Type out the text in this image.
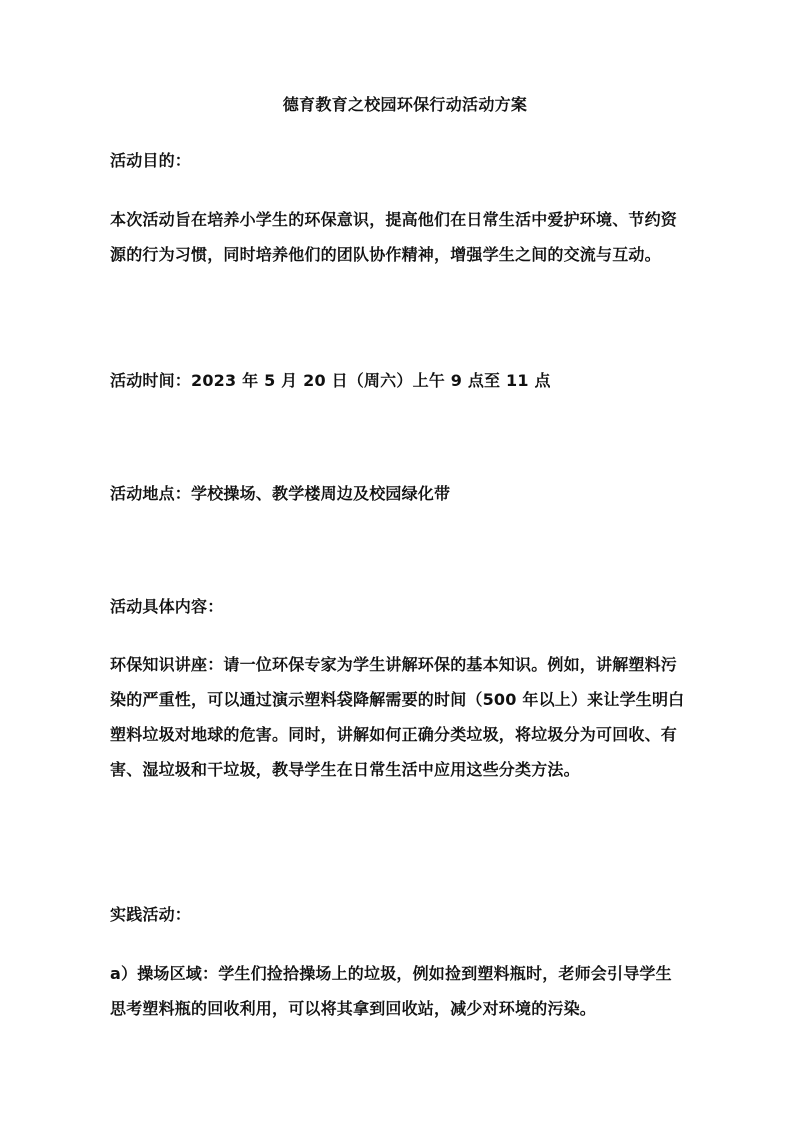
德育教育之校园环保行动活动方案

活动目的：

本次活动旨在培养小学生的环保意识，提高他们在日常生活中爱护环境、节约资
源的行为习惯，同时培养他们的团队协作精神，增强学生之间的交流与互动。

活动时间：2023 年 5 月 20 日（周六）上午 9 点至 11 点

活动地点：学校操场、教学楼周边及校园绿化带

活动具体内容：

环保知识讲座：请一位环保专家为学生讲解环保的基本知识。例如，讲解塑料污
染的严重性，可以通过演示塑料袋降解需要的时间（500 年以上）来让学生明白
塑料垃圾对地球的危害。同时，讲解如何正确分类垃圾，将垃圾分为可回收、有
害、湿垃圾和干垃圾，教导学生在日常生活中应用这些分类方法。

实践活动：

a）操场区域：学生们捡拾操场上的垃圾，例如捡到塑料瓶时，老师会引导学生
思考塑料瓶的回收利用，可以将其拿到回收站，减少对环境的污染。
